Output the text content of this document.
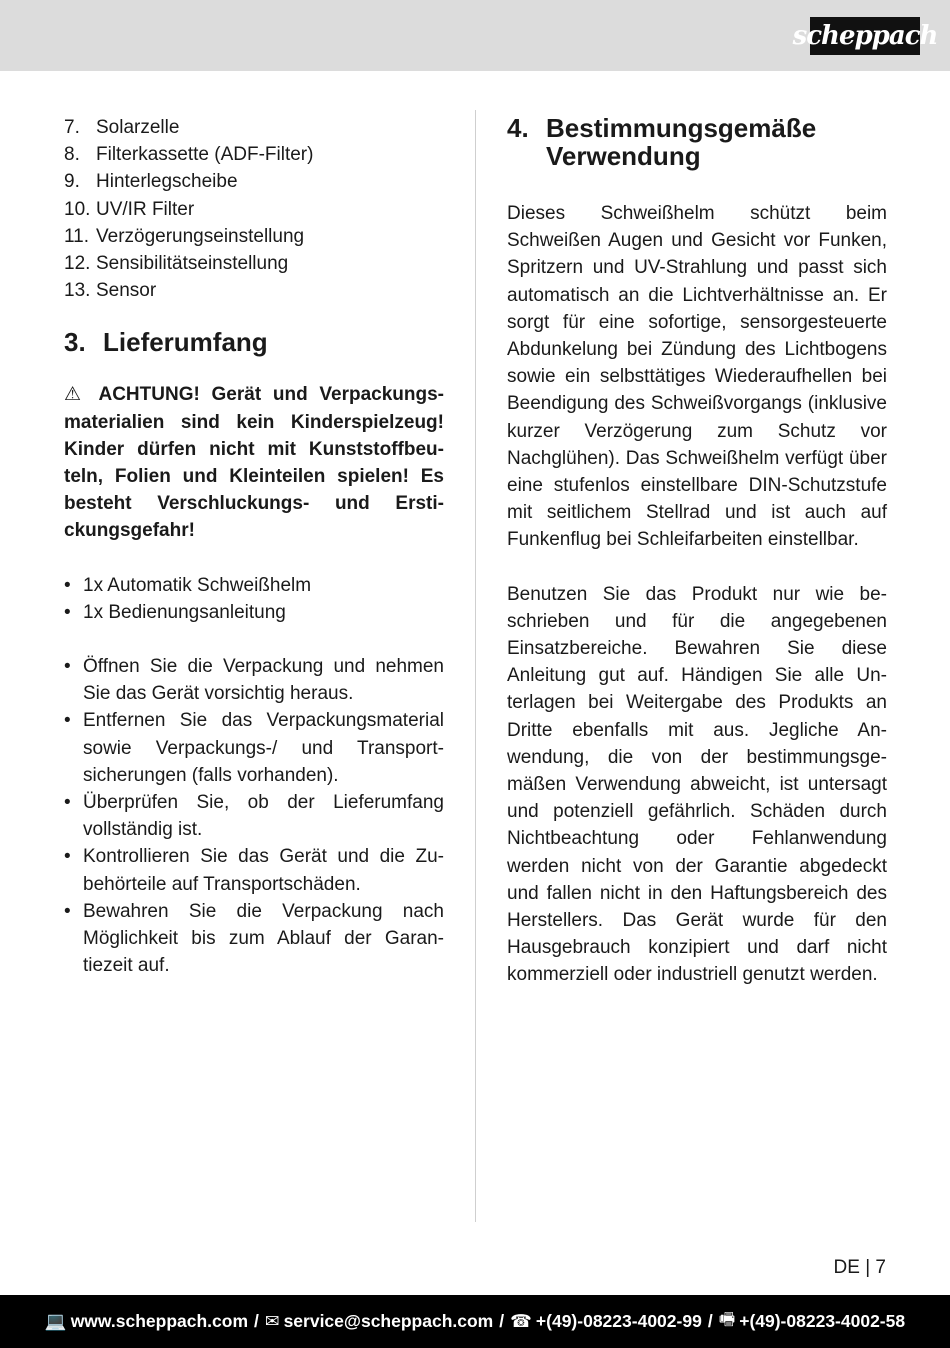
scheppach
7. Solarzelle
8. Filterkassette (ADF-Filter)
9. Hinterlegscheibe
10. UV/IR Filter
11. Verzögerungseinstellung
12. Sensibilitätseinstellung
13. Sensor
3. Lieferumfang

⚠ ACHTUNG! Gerät und Verpackungsmaterialien sind kein Kinderspielzeug! Kinder dürfen nicht mit Kunststoffbeuteln, Folien und Kleinteilen spielen! Es besteht Verschluckungs- und Erstickungsgefahr!

• 1x Automatik Schweißhelm
• 1x Bedienungsanleitung
• Öffnen Sie die Verpackung und nehmen Sie das Gerät vorsichtig heraus.
• Entfernen Sie das Verpackungsmaterial sowie Verpackungs-/ und Transportsicherungen (falls vorhanden).
• Überprüfen Sie, ob der Lieferumfang vollständig ist.
• Kontrollieren Sie das Gerät und die Zubehörteile auf Transportschäden.
• Bewahren Sie die Verpackung nach Möglichkeit bis zum Ablauf der Garantiezeit auf.
4. Bestimmungsgemäße Verwendung

Dieses Schweißhelm schützt beim Schweißen Augen und Gesicht vor Funken, Spritzern und UV-Strahlung und passt sich automatisch an die Lichtverhältnisse an. Er sorgt für eine sofortige, sensorgesteuerte Abdunkelung bei Zündung des Lichtbogens sowie ein selbsttätiges Wiederaufhellen bei Beendigung des Schweißvorgangs (inklusive kurzer Verzögerung zum Schutz vor Nachglühen). Das Schweißhelm verfügt über eine stufenlos einstellbare DIN-Schutzstufe mit seitlichem Stellrad und ist auch auf Funkenflug bei Schleifarbeiten einstellbar.

Benutzen Sie das Produkt nur wie beschrieben und für die angegebenen Einsatzbereiche. Bewahren Sie diese Anleitung gut auf. Händigen Sie alle Unterlagen bei Weitergabe des Produkts an Dritte ebenfalls mit aus. Jegliche Anwendung, die von der bestimmungsgemäßen Verwendung abweicht, ist untersagt und potenziell gefährlich. Schäden durch Nichtbeachtung oder Fehlanwendung werden nicht von der Garantie abgedeckt und fallen nicht in den Haftungsbereich des Herstellers. Das Gerät wurde für den Hausgebrauch konzipiert und darf nicht kommerziell oder industriell genutzt werden.

DE | 7
💻 www.scheppach.com / ✉ service@scheppach.com / ☎ +(49)-08223-4002-99 / 🖷 +(49)-08223-4002-58
